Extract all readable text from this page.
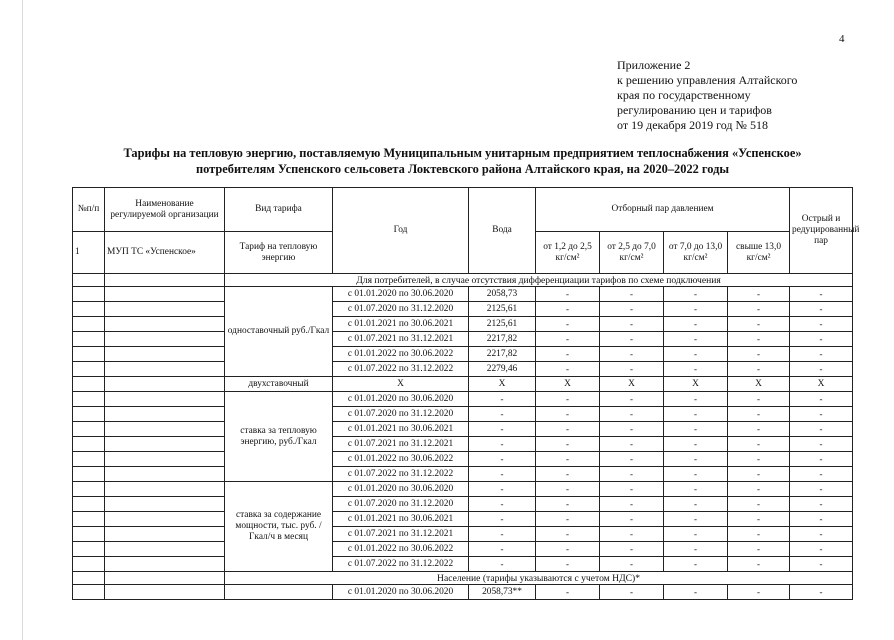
4
Приложение 2
к решению управления Алтайского
края по государственному
регулированию цен и тарифов
от 19 декабря 2019 год № 518
Тарифы на тепловую энергию, поставляемую Муниципальным унитарным предприятием теплоснабжения «Успенское»
потребителям Успенского сельсовета Локтевского района Алтайского края, на 2020–2022 годы
№п/п	Наименование регулируемой организации	Вид тарифа	Год	Вода	Отборный пар давлением				Острый и редуцированный пар
1	МУП ТС «Успенское»	Тариф на тепловую энергию			от 1,2 до 2,5 кг/см²	от 2,5 до 7,0 кг/см²	от 7,0 до 13,0 кг/см²	свыше 13,0 кг/см²	
		Для потребителей, в случае отсутствия дифференциации тарифов по схеме подключения							
		одноставочный руб./Гкал	с 01.01.2020 по 30.06.2020	2058,73	-	-	-	-	-
			с 01.07.2020 по 31.12.2020	2125,61	-	-	-	-	-
			с 01.01.2021 по 30.06.2021	2125,61	-	-	-	-	-
			с 01.07.2021 по 31.12.2021	2217,82	-	-	-	-	-
			с 01.01.2022 по 30.06.2022	2217,82	-	-	-	-	-
			с 01.07.2022 по 31.12.2022	2279,46	-	-	-	-	-
		двухставочный	Х	Х	Х	Х	Х	Х	Х
		ставка за тепловую энергию, руб./Гкал	с 01.01.2020 по 30.06.2020	-	-	-	-	-	-
			с 01.07.2020 по 31.12.2020	-	-	-	-	-	-
			с 01.01.2021 по 30.06.2021	-	-	-	-	-	-
			с 01.07.2021 по 31.12.2021	-	-	-	-	-	-
			с 01.01.2022 по 30.06.2022	-	-	-	-	-	-
			с 01.07.2022 по 31.12.2022	-	-	-	-	-	-
		ставка за содержание мощности, тыс. руб. /Гкал/ч в месяц	с 01.01.2020 по 30.06.2020	-	-	-	-	-	-
			с 01.07.2020 по 31.12.2020	-	-	-	-	-	-
			с 01.01.2021 по 30.06.2021	-	-	-	-	-	-
			с 01.07.2021 по 31.12.2021	-	-	-	-	-	-
			с 01.01.2022 по 30.06.2022	-	-	-	-	-	-
			с 01.07.2022 по 31.12.2022	-	-	-	-	-	-
		Население (тарифы указываются с учетом НДС)*							
			с 01.01.2020 по 30.06.2020	2058,73**	-	-	-	-	-
